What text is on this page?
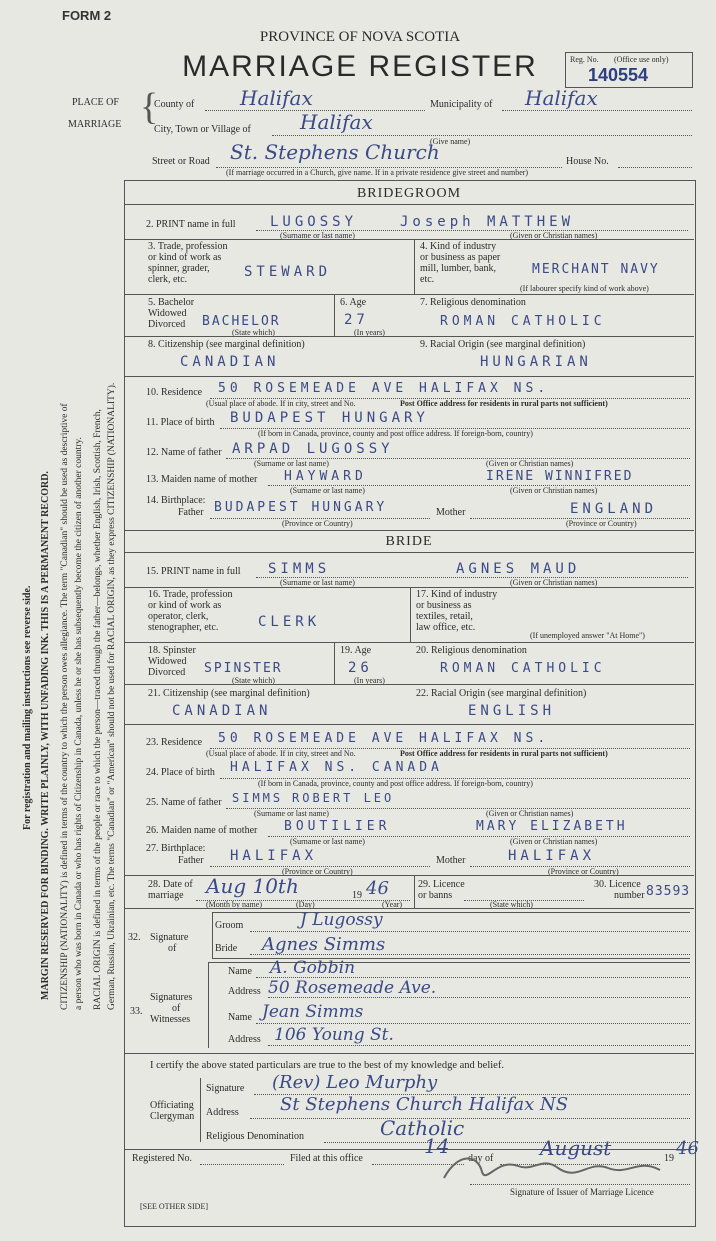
FORM 2
PROVINCE OF NOVA SCOTIA
MARRIAGE REGISTER	Reg. No. (Office use only)
140554
PLACE OF
MARRIAGE {
County of Halifax	Municipality of Halifax
City, Town or Village of Halifax
(Give name)
Street or Road St. Stephens Church	House No.
(If marriage occurred in a Church, give name. If in a private residence give street and number)
For registration and mailing instructions see reverse side. MARGIN RESERVED FOR BINDING. WRITE PLAINLY, WITH UNFADING INK. THIS IS A PERMANENT RECORD. CITIZENSHIP (NATIONALITY) is defined in terms of the country to which the person owes allegiance. The term "Canadian" should be used as descriptive of a person who was born in Canada or who has rights of Citizenship in Canada, unless he or she has subsequently become the citizen of another country. RACIAL ORIGIN is defined in terms of the people or race to which the person—traced through the father—belongs, whether English, Irish, Scottish, French, German, Russian, Ukrainian, etc. The terms "Canadian" or "American" should not be used for RACIAL ORIGIN, as they express CITIZENSHIP (NATIONALITY).
BRIDEGROOM
2. PRINT name in full LUGOSSY	Joseph MATTHEW
(Surname or last name)	(Given or Christian names)
3. Trade, profession
or kind of work as
spinner, grader,
clerk, etc.	STEWARD
4. Kind of industry
or business as paper
mill, lumber, bank,
etc.
MERCHANT NAVY
(If labourer specify kind of work above)
5. Bachelor
Widowed
Divorced	BACHELOR
(State which)
6. Age
27
(In years)
7. Religious denomination
ROMAN CATHOLIC
8. Citizenship (see marginal definition)
CANADIAN
9. Racial Origin (see marginal definition)
HUNGARIAN
10. Residence 50 ROSEMEADE AVE HALIFAX NS.
(Usual place of abode. If in city, street and No.	Post Office address for residents in rural parts not sufficient)
11. Place of birth BUDAPEST HUNGARY
(If born in Canada, province, county and post office address. If foreign-born, country)
12. Name of father ARPAD LUGOSSY
(Surname or last name)	(Given or Christian names)
13. Maiden name of mother HAYWARD	IRENE WINNIFRED
(Surname or last name)	(Given or Christian names)
14. Birthplace:
Father BUDAPEST HUNGARY	Mother	ENGLAND
(Province or Country)	(Province or Country)
BRIDE
15. PRINT name in full SIMMS	AGNES MAUD
(Surname or last name)	(Given or Christian names)
16. Trade, profession
or kind of work as
operator, clerk,
stenographer, etc.	CLERK
17. Kind of industry
or business as
textiles, retail,
law office, etc.
(If unemployed answer "At Home")
18. Spinster
Widowed
Divorced	SPINSTER
(State which)
19. Age
26
(In years)
20. Religious denomination
ROMAN CATHOLIC
21. Citizenship (see marginal definition)
CANADIAN
22. Racial Origin (see marginal definition)
ENGLISH
23. Residence 50 ROSEMEADE AVE HALIFAX NS.
(Usual place of abode. If in city, street and No.	Post Office address for residents in rural parts not sufficient)
24. Place of birth HALIFAX NS. CANADA
(If born in Canada, province, county and post office address. If foreign-born, country)
25. Name of father SIMMS ROBERT LEO
(Surname or last name)	(Given or Christian names)
26. Maiden name of mother BOUTILIER	MARY ELIZABETH
(Surname or last name)	(Given or Christian names)
27. Birthplace:
Father HALIFAX	Mother	HALIFAX
(Province or Country)	(Province or Country)
28. Date of
marriage Aug 10th	19 46
(Month by name)	(Day)	(Year)
29. Licence
or banns
(State which)
30. Licence
number 83593
32. Signature
of
Groom	J Lugossy
Bride Agnes Simms
33.
Signatures
of
Witnesses
Name A. Gobbin
Address 50 Rosemeade Ave.
Name Jean Simms
Address 106 Young St.
I certify the above stated particulars are true to the best of my knowledge and belief.
Officiating
Clergyman
Signature (Rev) Leo Murphy
Address St Stephens Church Halifax NS
Religious Denomination	Catholic
Registered No.	Filed at this office
14
day of August	19 46
Signature of Issuer of Marriage Licence
[SEE OTHER SIDE]
